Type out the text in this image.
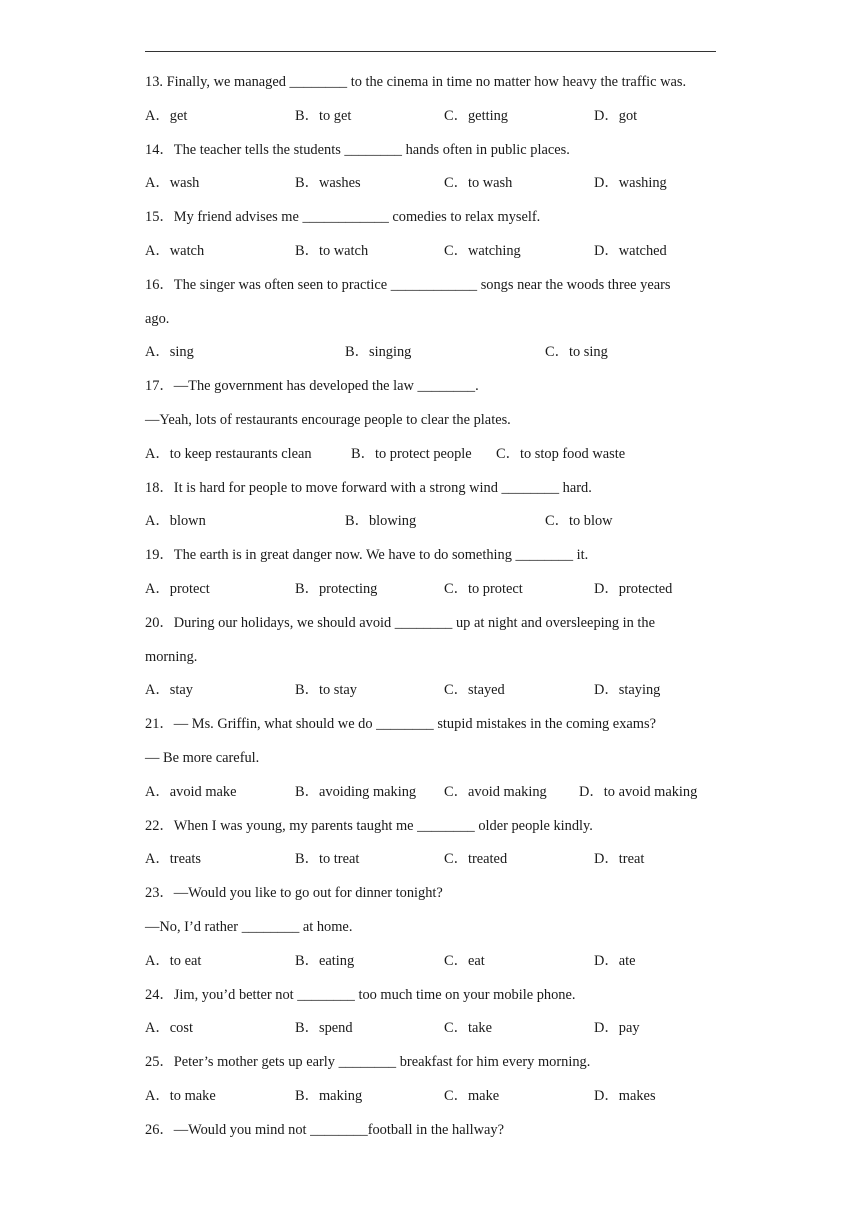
13. Finally, we managed ________ to the cinema in time no matter how heavy the traffic was.
A．get	B．to get	C．getting	D．got
14．The teacher tells the students ________ hands often in public places.
A．wash	B．washes	C．to wash	D．washing
15．My friend advises me ____________ comedies to relax myself.
A．watch	B．to watch	C．watching	D．watched
16．The singer was often seen to practice ____________ songs near the woods three years
ago.
A．sing	B．singing	C．to sing
17．—The government has developed the law ________.
—Yeah, lots of restaurants encourage people to clear the plates.
A．to keep restaurants clean	B．to protect people C．to stop food waste
18．It is hard for people to move forward with a strong wind ________ hard.
A．blown	B．blowing	C．to blow
19．The earth is in great danger now. We have to do something ________ it.
A．protect	B．protecting	C．to protect	D．protected
20．During our holidays, we should avoid ________ up at night and oversleeping in the
morning.
A．stay	B．to stay	C．stayed	D．staying
21．— Ms. Griffin, what should we do ________ stupid mistakes in the coming exams?
— Be more careful.
A．avoid make	B．avoiding making C．avoid making D．to avoid making
22．When I was young, my parents taught me ________ older people kindly.
A．treats	B．to treat	C．treated	D．treat
23．—Would you like to go out for dinner tonight?
—No, I’d rather ________ at home.
A．to eat	B．eating	C．eat	D．ate
24．Jim, you’d better not ________ too much time on your mobile phone.
A．cost	B．spend	C．take	D．pay
25．Peter’s mother gets up early ________ breakfast for him every morning.
A．to make	B．making	C．make	D．makes
26．—Would you mind not ________football in the hallway?
